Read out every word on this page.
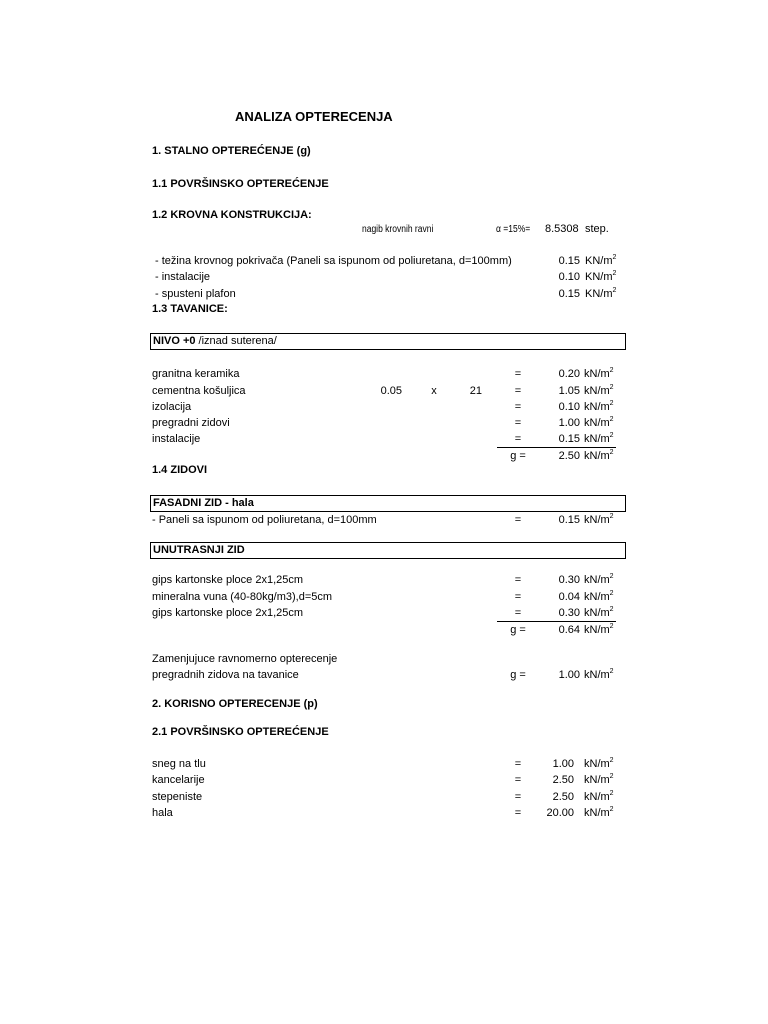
ANALIZA OPTERECENJA
1. STALNO OPTEREĆENJE (g)
1.1 POVRŠINSKO OPTEREĆENJE
1.2 KROVNA KONSTRUKCIJA:
nagib krovnih ravni	α =15%= 8.5308 step.
- težina krovnog pokrivača (Paneli sa ispunom od poliuretana, d=100mm)	0.15 $KN/m^2$
- instalacije	0.10 $KN/m^2$
- spusteni plafon	0.15 $KN/m^2$
1.3 TAVANICE:
NIVO +0 /iznad suterena/
granitna keramika	=	0.20 $kN/m^2$
cementna košuljica	0.05	x	21	=	1.05 $kN/m^2$
izolacija	=	0.10 $kN/m^2$
pregradni zidovi	=	1.00 $kN/m^2$
instalacije	=	0.15 $kN/m^2$
g =	2.50 $kN/m^2$
1.4 ZIDOVI
FASADNI ZID - hala
- Paneli sa ispunom od poliuretana, d=100mm	=	0.15 $kN/m^2$
UNUTRASNJI ZID
gips kartonske ploce 2x1,25cm	=	0.30 $kN/m^2$
mineralna vuna (40-80kg/m3),d=5cm	=	0.04 $kN/m^2$
gips kartonske ploce 2x1,25cm	=	0.30 $kN/m^2$
g =	0.64 $kN/m^2$
Zamenjujuce ravnomerno opterecenje
pregradnih zidova na tavanice	g =	1.00 $kN/m^2$
2. KORISNO OPTERECENJE (p)
2.1 POVRŠINSKO OPTEREĆENJE
sneg na tlu	=	1.00 $kN/m^2$
kancelarije	=	2.50 $kN/m^2$
stepeniste	=	2.50 $kN/m^2$
hala	=	20.00 $kN/m^2$
